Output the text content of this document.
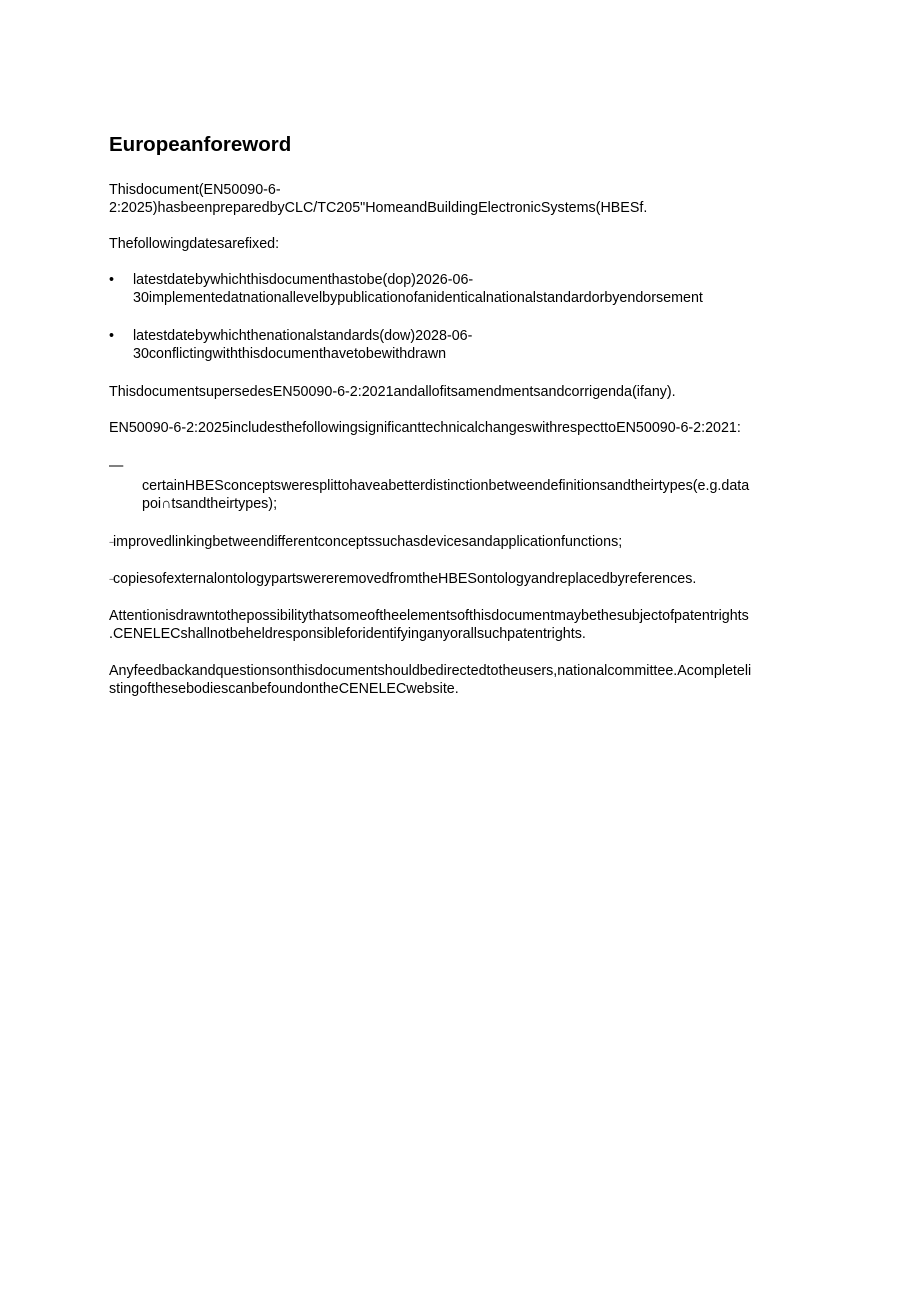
Europeanforeword
Thisdocument(EN50090-6-
2:2025)hasbeenpreparedbyCLC/TC205"HomeandBuildingElectronicSystems(HBESf.
Thefollowingdatesarefixed:
•	latestdatebywhichthisdocumenthastobe(dop)2026-06-
30implementedatnationallevelbypublicationofanidenticalnationalstandardorbyendorsement
•	latestdatebywhichthenationalstandards(dow)2028-06-
30conflictingwiththisdocumenthavetobewithdrawn
ThisdocumentsupersedesEN50090-6-2:2021andallofitsamendmentsandcorrigenda(ifany).
EN50090-6-2:2025includesthefollowingsignificanttechnicalchangeswithrespecttoEN50090-6-2:2021:
—
certainHBESconceptsweresplittohaveabetterdistinctionbetweendefinitionsandtheirtypes(e.g.data
poi∩tsandtheirtypes);
--improvedlinkingbetweendifferentconceptssuchasdevicesandapplicationfunctions;
--copiesofexternalontologypartswereremovedfromtheHBESontologyandreplacedbyreferences.
Attentionisdrawntothepossibilitythatsomeoftheelementsofthisdocumentmaybethesubjectofpatentrights
.CENELECshallnotbeheldresponsibleforidentifyinganyorallsuchpatentrights.
Anyfeedbackandquestionsonthisdocumentshouldbedirectedtotheusers,nationalcommittee.Acompleteli
stingofthesebodiescanbefoundontheCENELECwebsite.
